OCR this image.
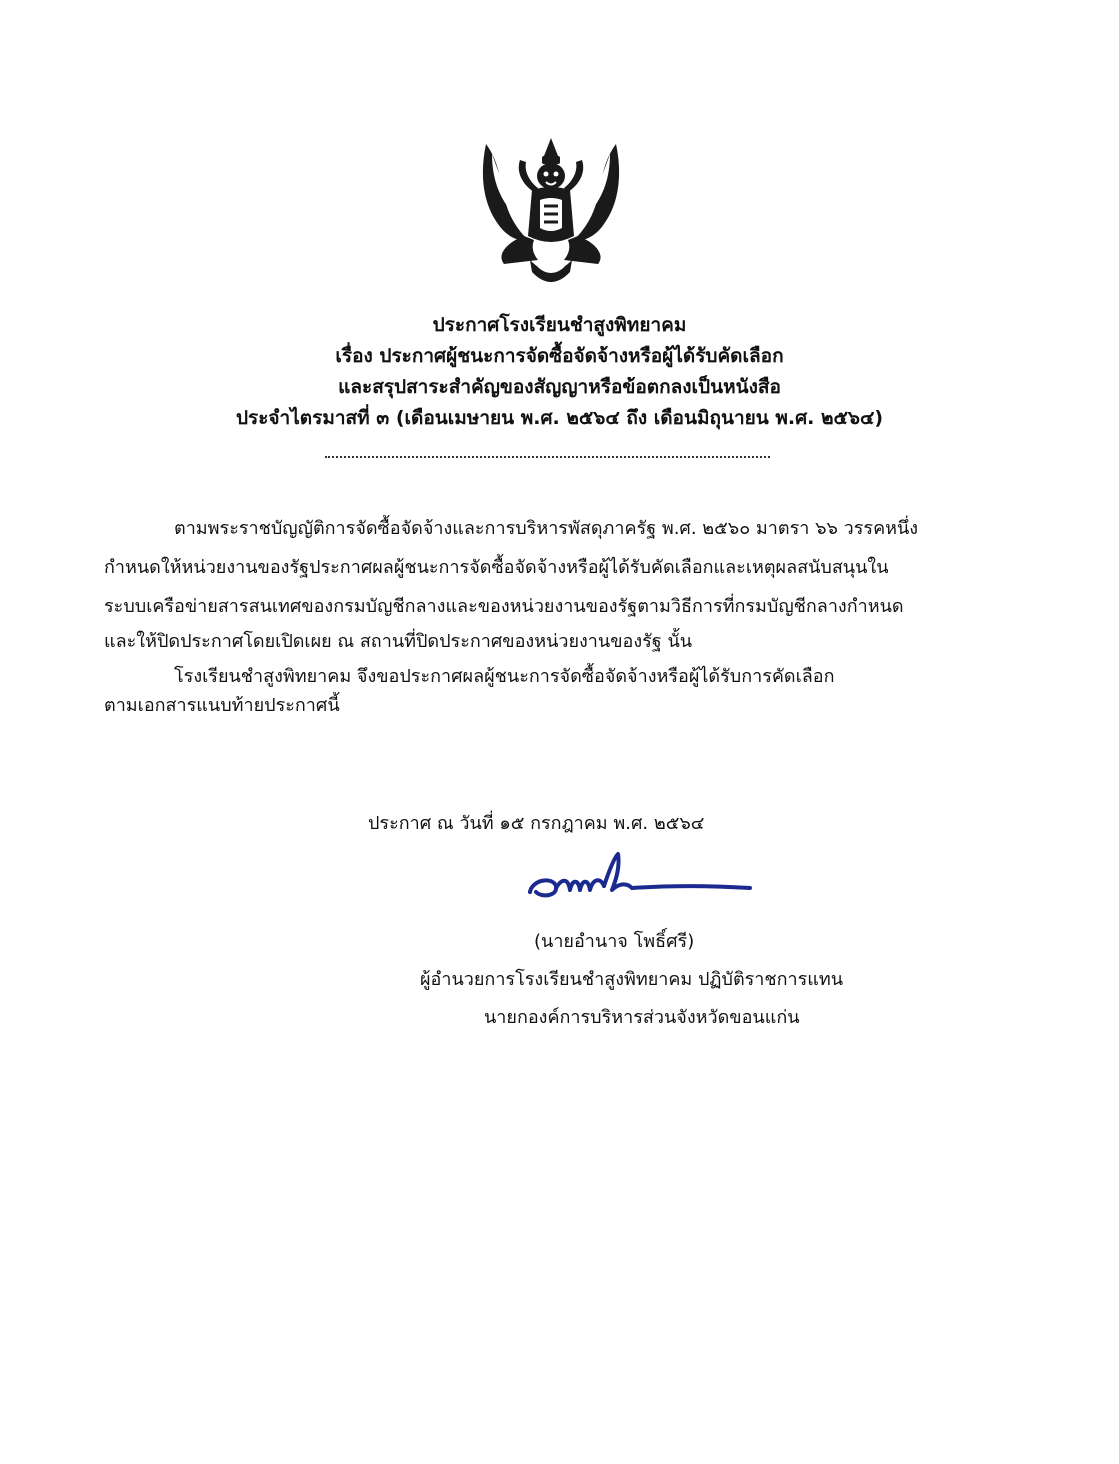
ประกาศโรงเรียนชำสูงพิทยาคม
เรื่อง ประกาศผู้ชนะการจัดซื้อจัดจ้างหรือผู้ได้รับคัดเลือก
และสรุปสาระสำคัญของสัญญาหรือข้อตกลงเป็นหนังสือ
ประจำไตรมาสที่ ๓ (เดือนเมษายน พ.ศ. ๒๕๖๔ ถึง เดือนมิถุนายน พ.ศ. ๒๕๖๔)
ตามพระราชบัญญัติการจัดซื้อจัดจ้างและการบริหารพัสดุภาครัฐ พ.ศ. ๒๕๖๐ มาตรา ๖๖ วรรคหนึ่ง
กำหนดให้หน่วยงานของรัฐประกาศผลผู้ชนะการจัดซื้อจัดจ้างหรือผู้ได้รับคัดเลือกและเหตุผลสนับสนุนใน
ระบบเครือข่ายสารสนเทศของกรมบัญชีกลางและของหน่วยงานของรัฐตามวิธีการที่กรมบัญชีกลางกำหนด
และให้ปิดประกาศโดยเปิดเผย ณ สถานที่ปิดประกาศของหน่วยงานของรัฐ นั้น
โรงเรียนชำสูงพิทยาคม จึงขอประกาศผลผู้ชนะการจัดซื้อจัดจ้างหรือผู้ได้รับการคัดเลือก
ตามเอกสารแนบท้ายประกาศนี้
ประกาศ ณ วันที่ ๑๕ กรกฎาคม พ.ศ. ๒๕๖๔
(นายอำนาจ โพธิ์ศรี)
ผู้อำนวยการโรงเรียนชำสูงพิทยาคม ปฏิบัติราชการแทน
นายกองค์การบริหารส่วนจังหวัดขอนแก่น
